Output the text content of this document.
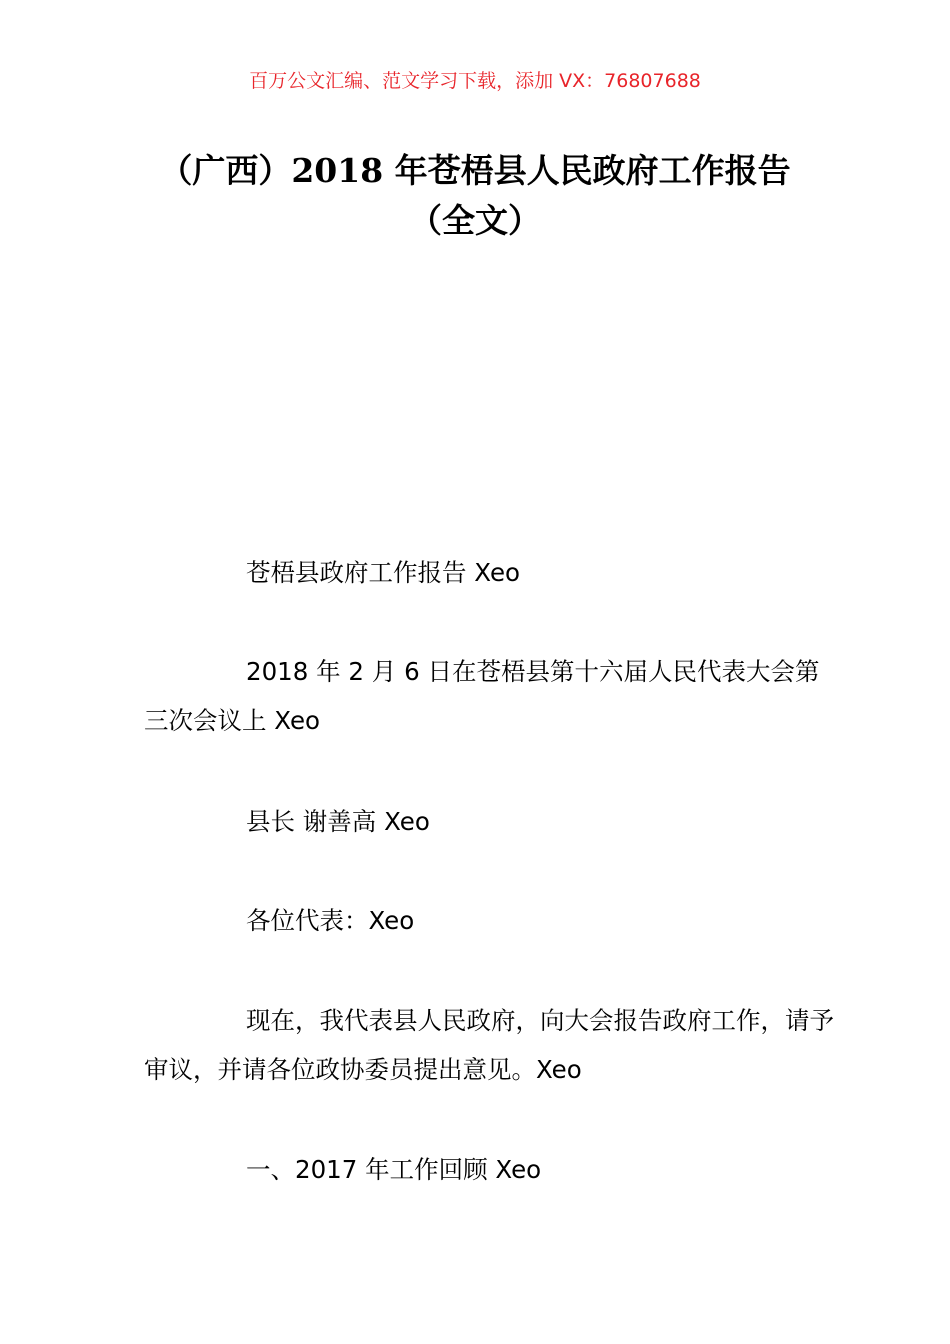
百万公文汇编、范文学习下载，添加 VX：76807688
（广西）2018 年苍梧县人民政府工作报告
（全文）

苍梧县政府工作报告 Xeo

2018 年 2 月 6 日在苍梧县第十六届人民代表大会第三次会议上 Xeo

县长 谢善高 Xeo

各位代表：Xeo

现在，我代表县人民政府，向大会报告政府工作，请予审议，并请各位政协委员提出意见。Xeo

一、2017 年工作回顾 Xeo
